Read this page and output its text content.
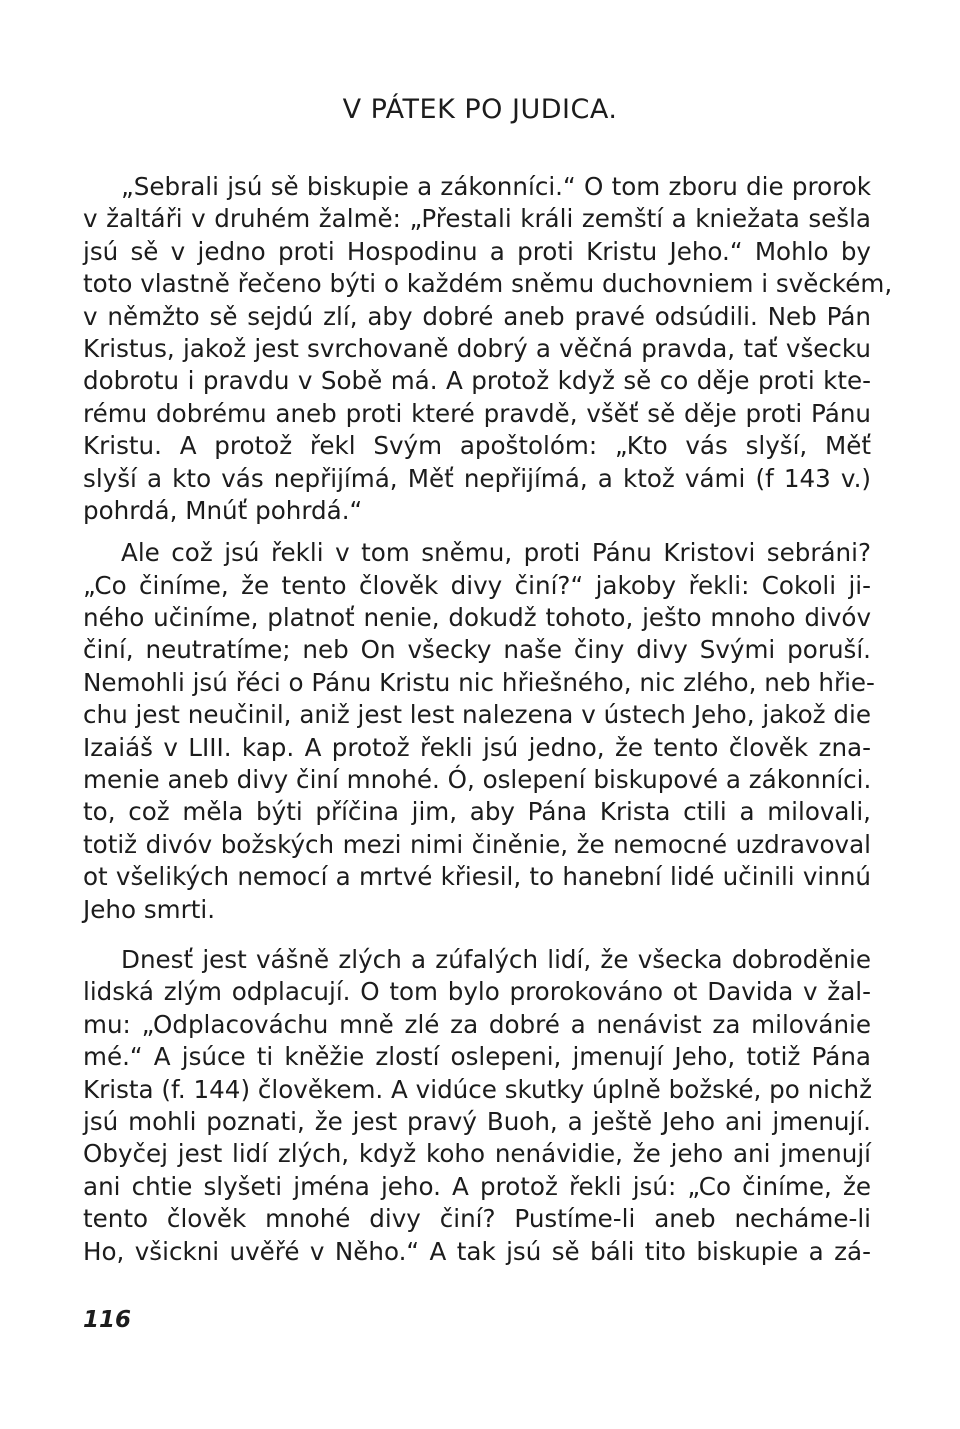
V PÁTEK PO JUDICA.
„Sebrali jsú sě biskupie a zákonníci.“ O tom zboru die prorok
v žaltáři v druhém žalmě: „Přestali králi zemští a kniežata sešla
jsú sě v jedno proti Hospodinu a proti Kristu Jeho.“ Mohlo by
toto vlastně řečeno býti o každém sněmu duchovniem i svěckém,
v němžto sě sejdú zlí, aby dobré aneb pravé odsúdili. Neb Pán
Kristus, jakož jest svrchovaně dobrý a věčná pravda, tať všecku
dobrotu i pravdu v Sobě má. A protož když sě co děje proti kte-
rému dobrému aneb proti které pravdě, všěť sě děje proti Pánu
Kristu. A protož řekl Svým apoštolóm: „Kto vás slyší, Měť
slyší a kto vás nepřijímá, Měť nepřijímá, a ktož vámi (f 143 v.)
pohrdá, Mnúť pohrdá.“
Ale což jsú řekli v tom sněmu, proti Pánu Kristovi sebráni?
„Co činíme, že tento člověk divy činí?“ jakoby řekli: Cokoli ji-
ného učiníme, platnoť nenie, dokudž tohoto, ješto mnoho divóv
činí, neutratíme; neb On všecky naše činy divy Svými poruší.
Nemohli jsú řéci o Pánu Kristu nic hřiešného, nic zlého, neb hřie-
chu jest neučinil, aniž jest lest nalezena v ústech Jeho, jakož die
Izaiáš v LIII. kap. A protož řekli jsú jedno, že tento člověk zna-
menie aneb divy činí mnohé. Ó, oslepení biskupové a zákonníci.
to, což měla býti příčina jim, aby Pána Krista ctili a milovali,
totiž divóv božských mezi nimi činěnie, že nemocné uzdravoval
ot všelikých nemocí a mrtvé křiesil, to hanební lidé učinili vinnú
Jeho smrti.
Dnesť jest vášně zlých a zúfalých lidí, že všecka dobroděnie
lidská zlým odplacují. O tom bylo prorokováno ot Davida v žal-
mu: „Odplacováchu mně zlé za dobré a nenávist za milovánie
mé.“ A jsúce ti kněžie zlostí oslepeni, jmenují Jeho, totiž Pána
Krista (f. 144) člověkem. A vidúce skutky úplně božské, po nichž
jsú mohli poznati, že jest pravý Buoh, a ještě Jeho ani jmenují.
Obyčej jest lidí zlých, když koho nenávidie, že jeho ani jmenují
ani chtie slyšeti jména jeho. A protož řekli jsú: „Co činíme, že
tento člověk mnohé divy činí? Pustíme-li aneb necháme-li
Ho, všickni uvěřé v Něho.“ A tak jsú sě báli tito biskupie a zá-

116
